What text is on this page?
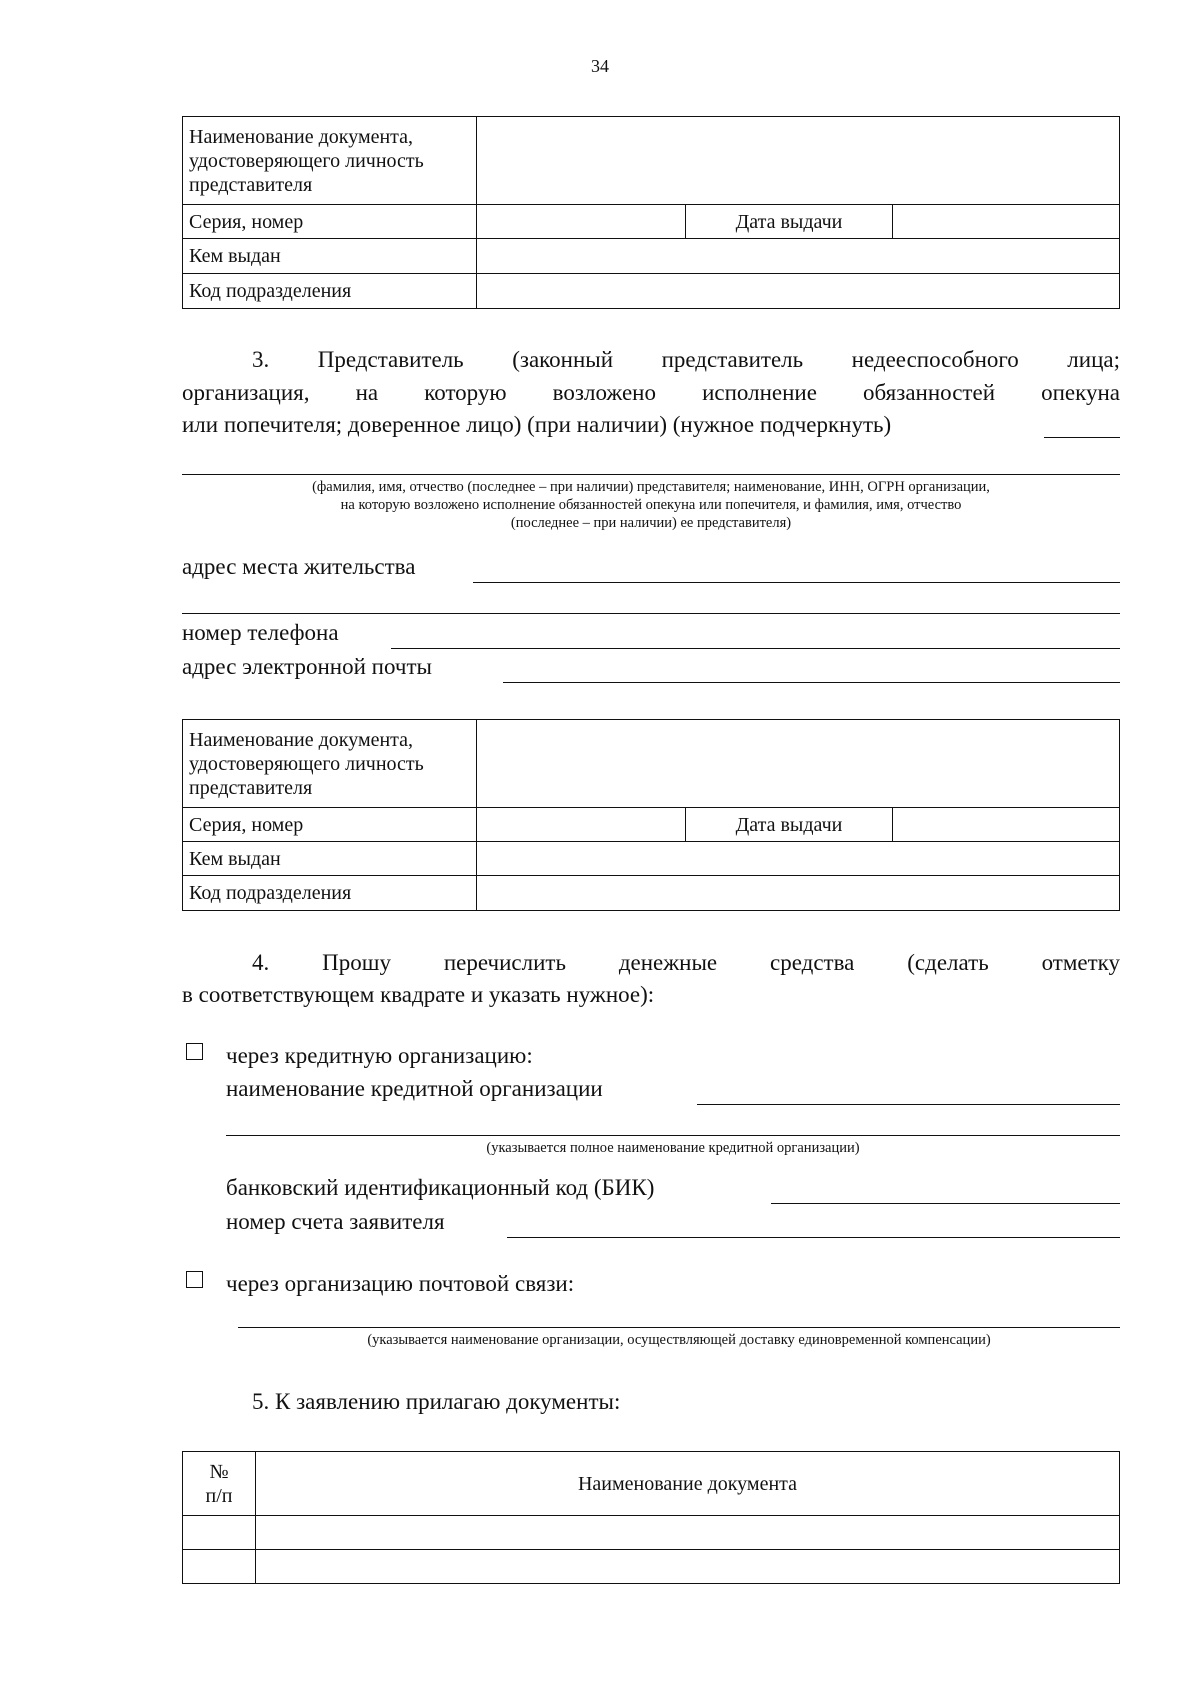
34
Наименование документа, удостоверяющего личность представителя			
Серия, номер		Дата выдачи	
Кем выдан			
Код подразделения			
3. Представитель (законный представитель недееспособного лица;
организация, на которую возложено исполнение обязанностей опекуна
или попечителя; доверенное лицо) (при наличии) (нужное подчеркнуть)
(фамилия, имя, отчество (последнее – при наличии) представителя; наименование, ИНН, ОГРН организации,
на которую возложено исполнение обязанностей опекуна или попечителя, и фамилия, имя, отчество
(последнее – при наличии) ее представителя)
адрес места жительства
номер телефона
адрес электронной почты
Наименование документа, удостоверяющего личность представителя			
Серия, номер		Дата выдачи	
Кем выдан			
Код подразделения			
4. Прошу перечислить денежные средства (сделать отметку
в соответствующем квадрате и указать нужное):
через кредитную организацию:
наименование кредитной организации
(указывается полное наименование кредитной организации)
банковский идентификационный код (БИК)
номер счета заявителя
через организацию почтовой связи:
(указывается наименование организации, осуществляющей доставку единовременной компенсации)
5. К заявлению прилагаю документы:
№
п/п	Наименование документа
